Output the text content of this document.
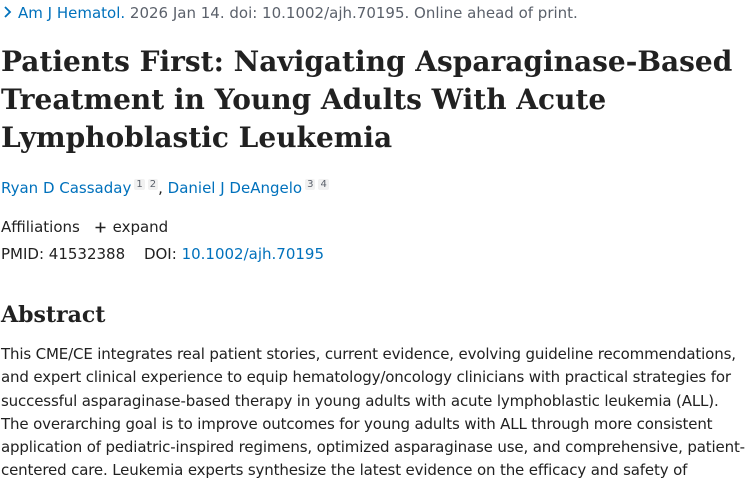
Am J Hematol. 2026 Jan 14. doi: 10.1002/ajh.70195. Online ahead of print.
Patients First: Navigating Asparaginase-Based Treatment in Young Adults With Acute Lymphoblastic Leukemia
Ryan D Cassaday $^1$ $^2$ , Daniel J DeAngelo $^3$ $^4$
Affiliations expand
PMID: 41532388 DOI: 10.1002/ajh.70195
Abstract

This CME/CE integrates real patient stories, current evidence, evolving guideline recommendations, and expert clinical experience to equip hematology/oncology clinicians with practical strategies for successful asparaginase-based therapy in young adults with acute lymphoblastic leukemia (ALL). The overarching goal is to improve outcomes for young adults with ALL through more consistent application of pediatric-inspired regimens, optimized asparaginase use, and comprehensive, patient-centered care. Leukemia experts synthesize the latest evidence on the efficacy and safety of
